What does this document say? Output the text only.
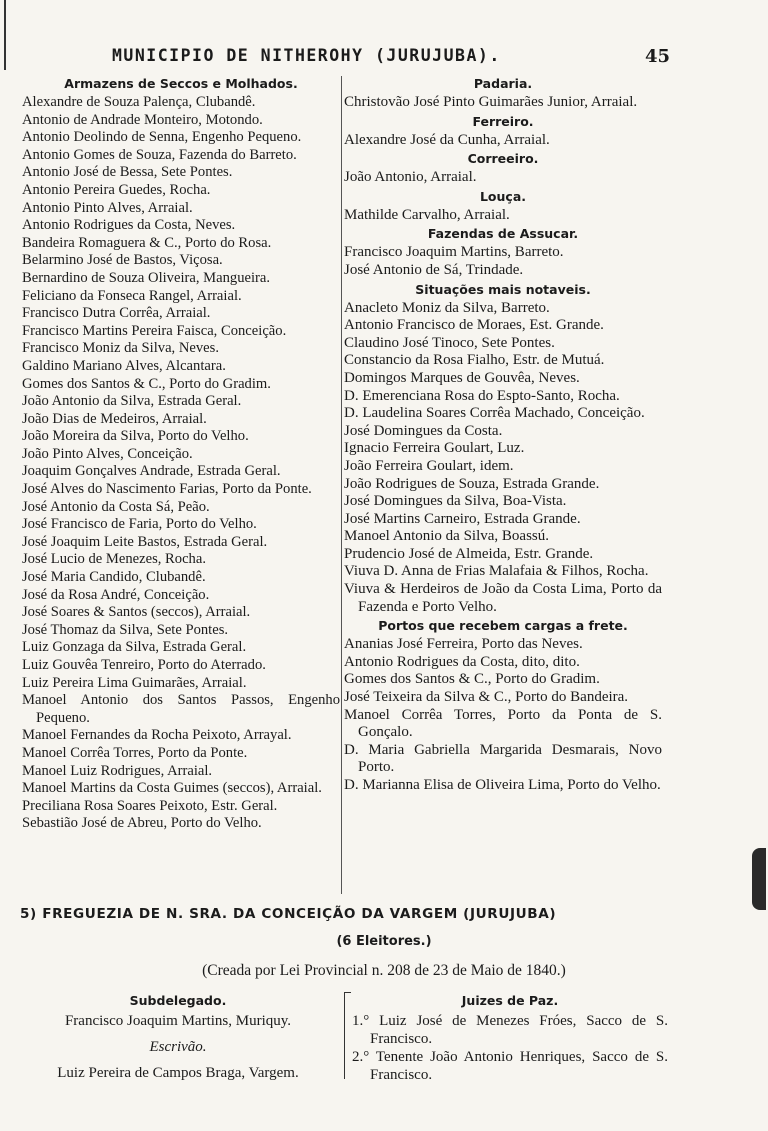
MUNICIPIO DE NITHEROHY (JURUJUBA).	45
Armazens de Seccos e Molhados.
Alexandre de Souza Palença, Clubandê.
Antonio de Andrade Monteiro, Motondo.
Antonio Deolindo de Senna, Engenho Pequeno.
Antonio Gomes de Souza, Fazenda do Barreto.
Antonio José de Bessa, Sete Pontes.
Antonio Pereira Guedes, Rocha.
Antonio Pinto Alves, Arraial.
Antonio Rodrigues da Costa, Neves.
Bandeira Romaguera & C., Porto do Rosa.
Belarmino José de Bastos, Viçosa.
Bernardino de Souza Oliveira, Mangueira.
Feliciano da Fonseca Rangel, Arraial.
Francisco Dutra Corrêa, Arraial.
Francisco Martins Pereira Faisca, Conceição.
Francisco Moniz da Silva, Neves.
Galdino Mariano Alves, Alcantara.
Gomes dos Santos & C., Porto do Gradim.
João Antonio da Silva, Estrada Geral.
João Dias de Medeiros, Arraial.
João Moreira da Silva, Porto do Velho.
João Pinto Alves, Conceição.
Joaquim Gonçalves Andrade, Estrada Geral.
José Alves do Nascimento Farias, Porto da Ponte.
José Antonio da Costa Sá, Peão.
José Francisco de Faria, Porto do Velho.
José Joaquim Leite Bastos, Estrada Geral.
José Lucio de Menezes, Rocha.
José Maria Candido, Clubandê.
José da Rosa André, Conceição.
José Soares & Santos (seccos), Arraial.
José Thomaz da Silva, Sete Pontes.
Luiz Gonzaga da Silva, Estrada Geral.
Luiz Gouvêa Tenreiro, Porto do Aterrado.
Luiz Pereira Lima Guimarães, Arraial.
Manoel Antonio dos Santos Passos, Engenho Pequeno.
Manoel Fernandes da Rocha Peixoto, Arrayal.
Manoel Corrêa Torres, Porto da Ponte.
Manoel Luiz Rodrigues, Arraial.
Manoel Martins da Costa Guimes (seccos), Arraial.
Preciliana Rosa Soares Peixoto, Estr. Geral.
Sebastião José de Abreu, Porto do Velho.
Padaria.
Christovão José Pinto Guimarães Junior, Arraial.
Ferreiro.
Alexandre José da Cunha, Arraial.
Correeiro.
João Antonio, Arraial.
Louça.
Mathilde Carvalho, Arraial.
Fazendas de Assucar.
Francisco Joaquim Martins, Barreto.
José Antonio de Sá, Trindade.
Situações mais notaveis.
Anacleto Moniz da Silva, Barreto.
Antonio Francisco de Moraes, Est. Grande.
Claudino José Tinoco, Sete Pontes.
Constancio da Rosa Fialho, Estr. de Mutuá.
Domingos Marques de Gouvêa, Neves.
D. Emerenciana Rosa do Espto-Santo, Rocha.
D. Laudelina Soares Corrêa Machado, Conceição.
José Domingues da Costa.
Ignacio Ferreira Goulart, Luz.
João Ferreira Goulart, idem.
João Rodrigues de Souza, Estrada Grande.
José Domingues da Silva, Boa-Vista.
José Martins Carneiro, Estrada Grande.
Manoel Antonio da Silva, Boassú.
Prudencio José de Almeida, Estr. Grande.
Viuva D. Anna de Frias Malafaia & Filhos, Rocha.
Viuva & Herdeiros de João da Costa Lima, Porto da Fazenda e Porto Velho.
Portos que recebem cargas a frete.
Ananias José Ferreira, Porto das Neves.
Antonio Rodrigues da Costa, dito, dito.
Gomes dos Santos & C., Porto do Gradim.
José Teixeira da Silva & C., Porto do Bandeira.
Manoel Corrêa Torres, Porto da Ponta de S. Gonçalo.
D. Maria Gabriella Margarida Desmarais, Novo Porto.
D. Marianna Elisa de Oliveira Lima, Porto do Velho.
5) FREGUEZIA DE N. SRA. DA CONCEIÇÃO DA VARGEM (JURUJUBA)
(6 Eleitores.)
(Creada por Lei Provincial n. 208 de 23 de Maio de 1840.)
Subdelegado.
Francisco Joaquim Martins, Muriquy.
Escrivão.
Luiz Pereira de Campos Braga, Vargem.
Juizes de Paz.
1.° Luiz José de Menezes Fróes, Sacco de S. Francisco.
2.° Tenente João Antonio Henriques, Sacco de S. Francisco.
